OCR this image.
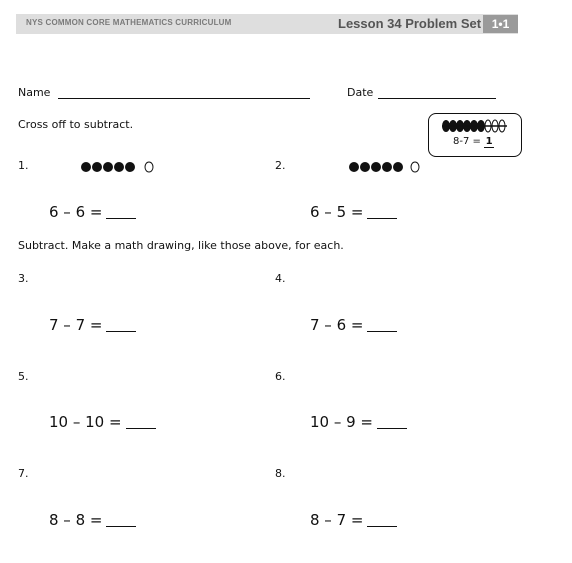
NYS COMMON CORE MATHEMATICS CURRICULUM	Lesson 34 Problem Set 1•1
Name	Date
Cross off to subtract.
8-7 = 1
1.
6 – 6 =
2.
6 – 5 =
Subtract. Make a math drawing, like those above, for each.
3.
7 – 7 =
4.
7 – 6 =
5.
10 – 10 =
6.
10 – 9 =
7.
8 – 8 =
8.
8 – 7 =
